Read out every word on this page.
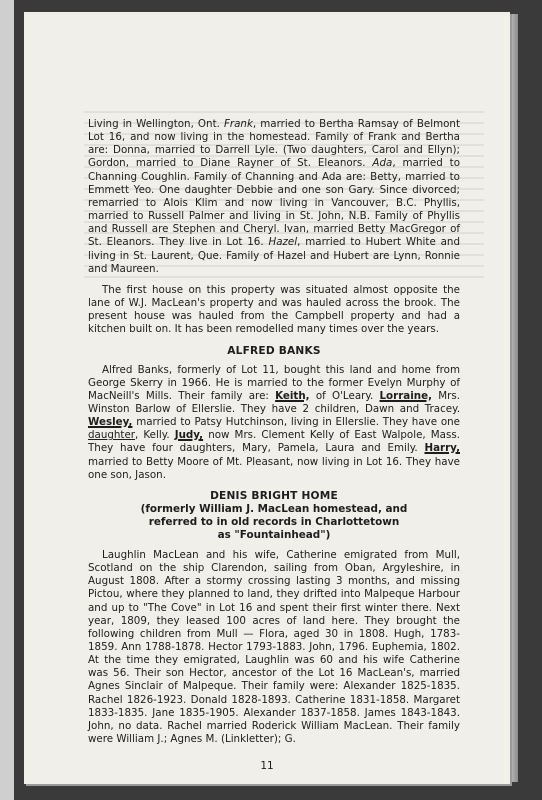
Living in Wellington, Ont. Frank, married to Bertha Ramsay of Belmont Lot 16, and now living in the homestead. Family of Frank and Bertha are: Donna, married to Darrell Lyle. (Two daughters, Carol and Ellyn); Gordon, married to Diane Rayner of St. Eleanors. Ada, married to Channing Coughlin. Family of Channing and Ada are: Betty, married to Emmett Yeo. One daughter Debbie and one son Gary. Since divorced; remarried to Alois Klim and now living in Vancouver, B.C. Phyllis, married to Russell Palmer and living in St. John, N.B. Family of Phyllis and Russell are Stephen and Cheryl. Ivan, married Betty MacGregor of St. Eleanors. They live in Lot 16. Hazel, married to Hubert White and living in St. Laurent, Que. Family of Hazel and Hubert are Lynn, Ronnie and Maureen.

The first house on this property was situated almost opposite the lane of W.J. MacLean's property and was hauled across the brook. The present house was hauled from the Campbell property and had a kitchen built on. It has been remodelled many times over the years.

ALFRED BANKS

Alfred Banks, formerly of Lot 11, bought this land and home from George Skerry in 1966. He is married to the former Evelyn Murphy of MacNeill's Mills. Their family are: Keith, of O'Leary. Lorraine, Mrs. Winston Barlow of Ellerslie. They have 2 children, Dawn and Tracey. Wesley, married to Patsy Hutchinson, living in Ellerslie. They have one daughter, Kelly. Judy, now Mrs. Clement Kelly of East Walpole, Mass. They have four daughters, Mary, Pamela, Laura and Emily. Harry, married to Betty Moore of Mt. Pleasant, now living in Lot 16. They have one son, Jason.

DENIS BRIGHT HOME
(formerly William J. MacLean homestead, and
referred to in old records in Charlottetown
as "Fountainhead")

Laughlin MacLean and his wife, Catherine emigrated from Mull, Scotland on the ship Clarendon, sailing from Oban, Argyleshire, in August 1808. After a stormy crossing lasting 3 months, and missing Pictou, where they planned to land, they drifted into Malpeque Harbour and up to "The Cove" in Lot 16 and spent their first winter there. Next year, 1809, they leased 100 acres of land here. They brought the following children from Mull — Flora, aged 30 in 1808. Hugh, 1783-1859. Ann 1788-1878. Hector 1793-1883. John, 1796. Euphemia, 1802. At the time they emigrated, Laughlin was 60 and his wife Catherine was 56. Their son Hector, ancestor of the Lot 16 MacLean's, married Agnes Sinclair of Malpeque. Their family were: Alexander 1825-1835. Rachel 1826-1923. Donald 1828-1893. Catherine 1831-1858. Margaret 1833-1835. Jane 1835-1905. Alexander 1837-1858. James 1843-1843. John, no data. Rachel married Roderick William MacLean. Their family were William J.; Agnes M. (Linkletter); G.

11
